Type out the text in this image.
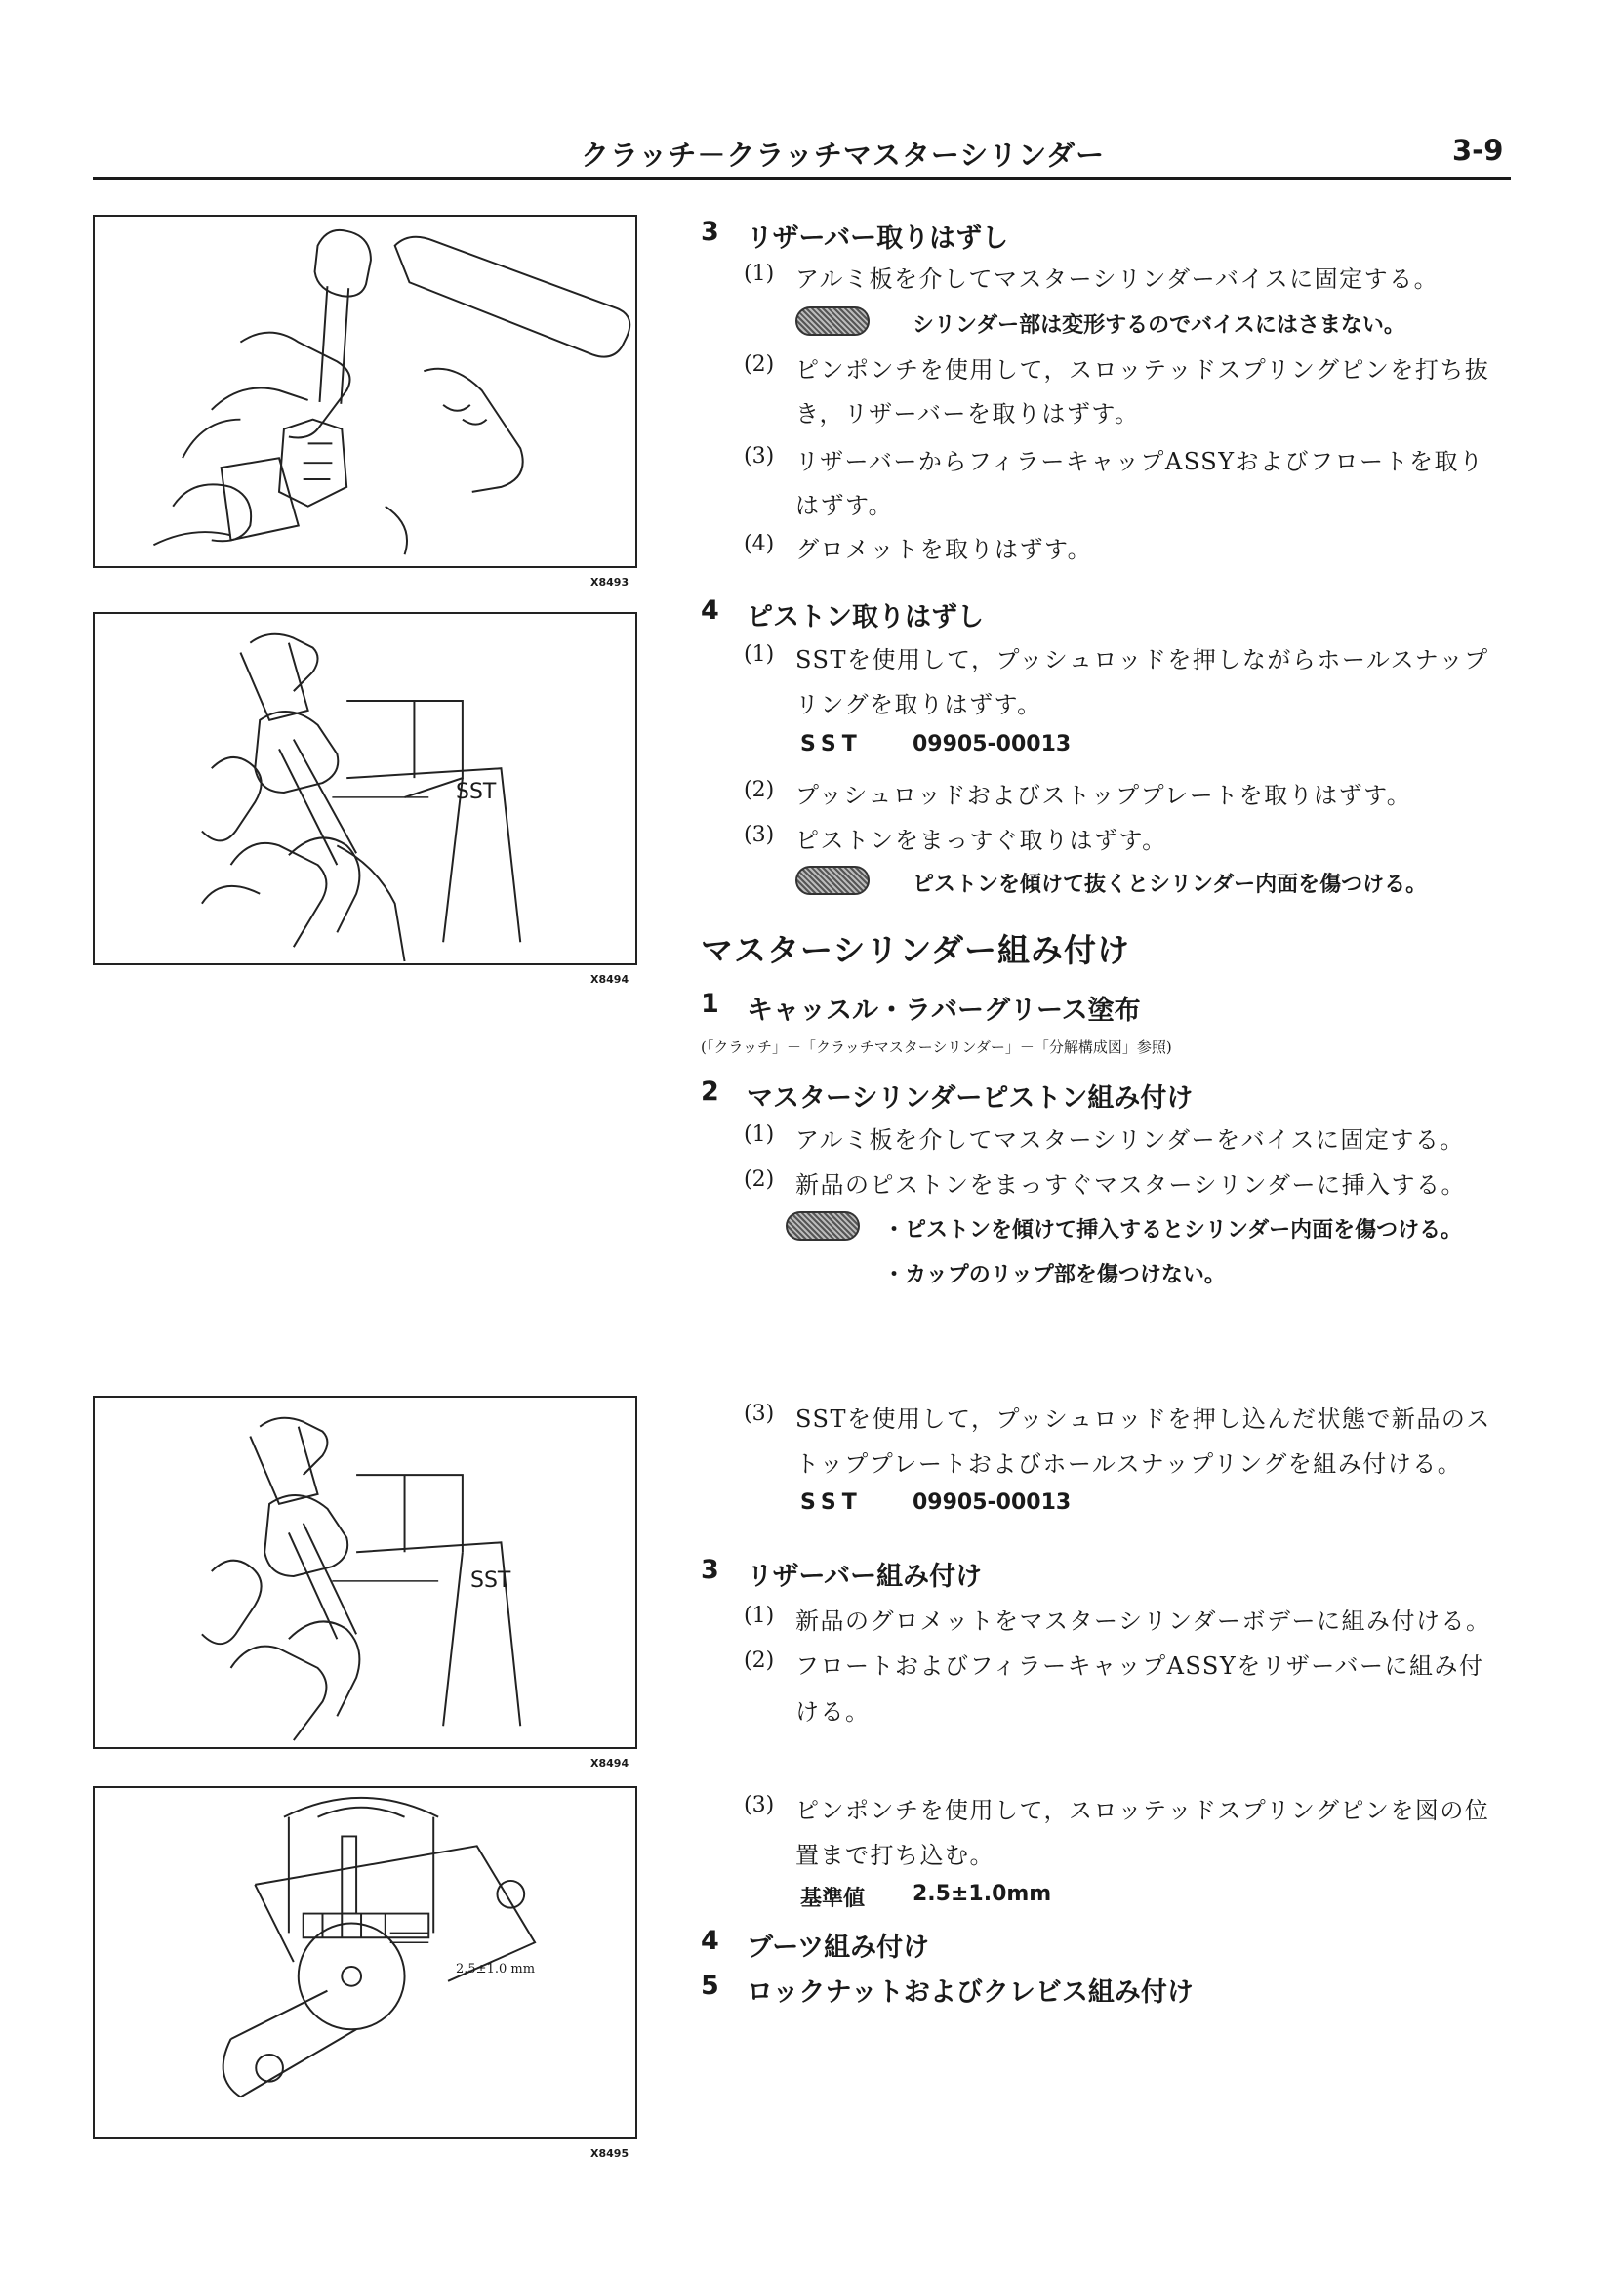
クラッチ－クラッチマスターシリンダー	3-9
X8493
SST
X8494
SST
X8494
2.5±1.0 mm
X8495
3 リザーバー取りはずし
(1) アルミ板を介してマスターシリンダーバイスに固定する。
シリンダー部は変形するのでバイスにはさまない。
(2) ピンポンチを使用して，スロッテッドスプリングピンを打ち抜
き，リザーバーを取りはずす。
(3) リザーバーからフィラーキャップASSYおよびフロートを取り
はずす。
(4) グロメットを取りはずす。
4 ピストン取りはずし
(1) SSTを使用して，プッシュロッドを押しながらホールスナップ
リングを取りはずす。
SST 09905-00013
(2) プッシュロッドおよびストッププレートを取りはずす。
(3) ピストンをまっすぐ取りはずす。
ピストンを傾けて抜くとシリンダー内面を傷つける。
マスターシリンダー組み付け
1 キャッスル・ラバーグリース塗布
(「クラッチ」－「クラッチマスターシリンダー」－「分解構成図」参照)
2 マスターシリンダーピストン組み付け
(1) アルミ板を介してマスターシリンダーをバイスに固定する。
(2) 新品のピストンをまっすぐマスターシリンダーに挿入する。
・ピストンを傾けて挿入するとシリンダー内面を傷つける。
・カップのリップ部を傷つけない。
(3) SSTを使用して，プッシュロッドを押し込んだ状態で新品のス
トッププレートおよびホールスナップリングを組み付ける。
SST 09905-00013
3 リザーバー組み付け
(1) 新品のグロメットをマスターシリンダーボデーに組み付ける。
(2) フロートおよびフィラーキャップASSYをリザーバーに組み付
ける。
(3) ピンポンチを使用して，スロッテッドスプリングピンを図の位
置まで打ち込む。
基準値 2.5±1.0mm
4 ブーツ組み付け
5 ロックナットおよびクレビス組み付け
